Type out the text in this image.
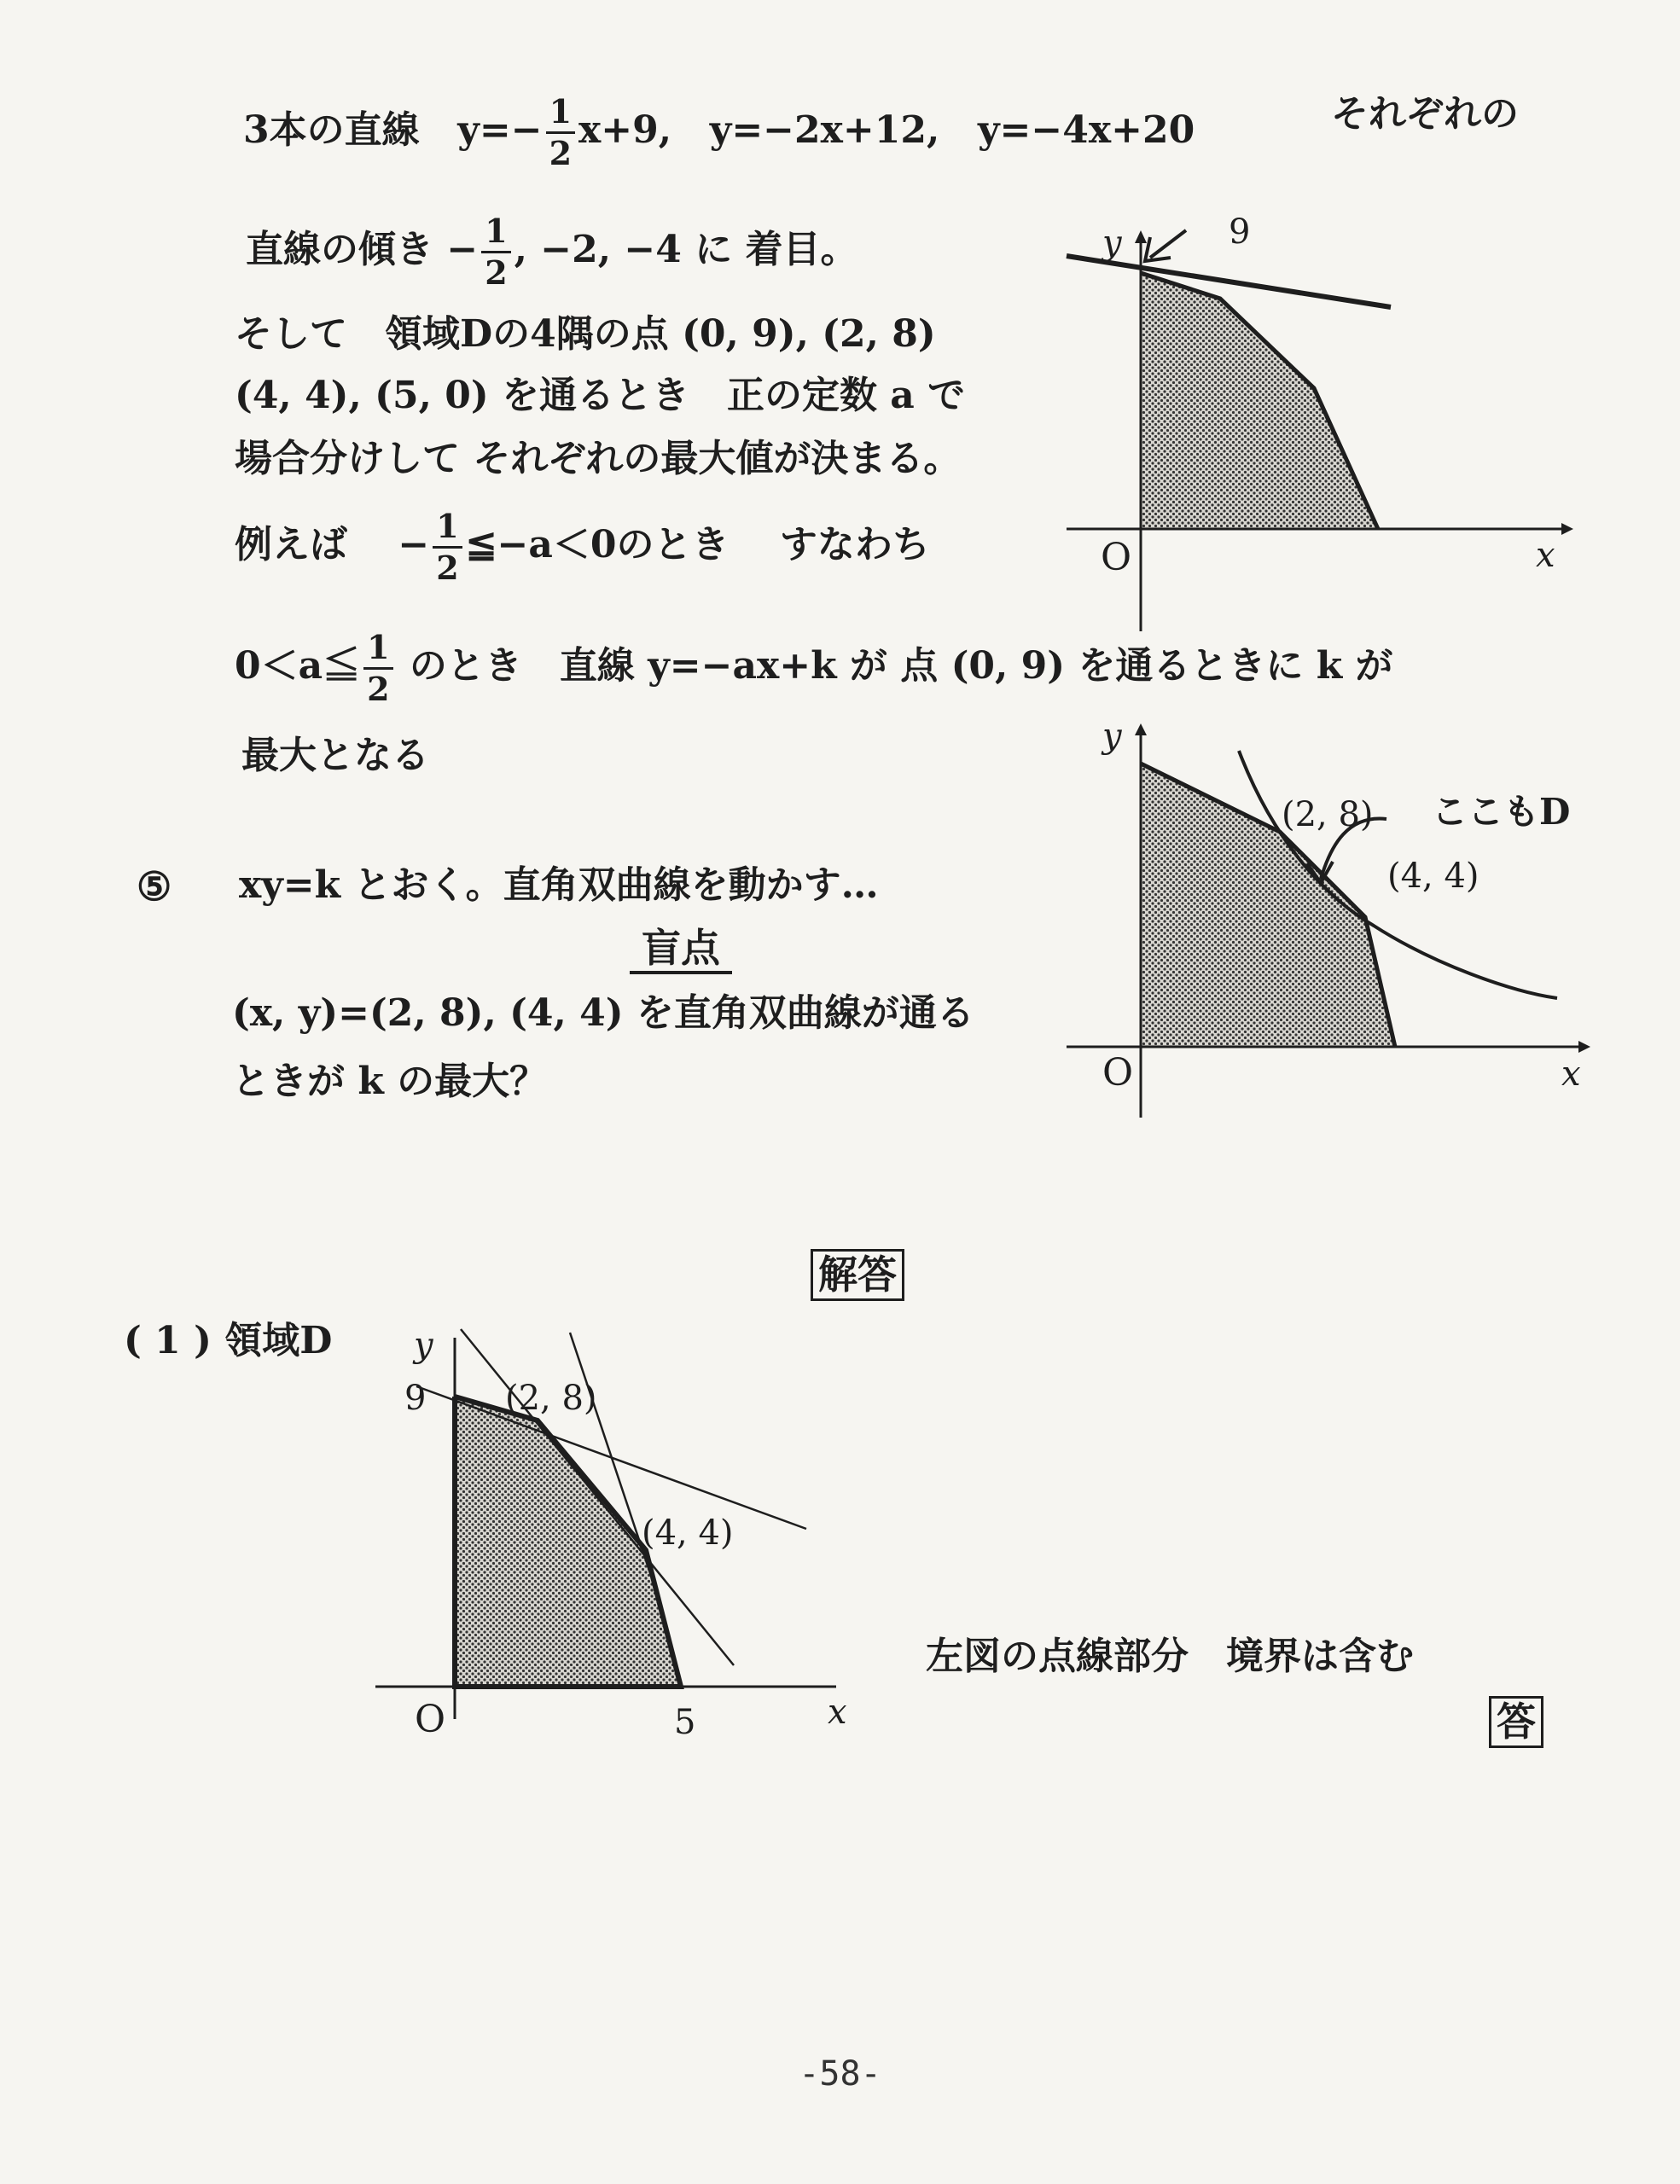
3本の直線 $y=- \frac{1}{2} x+9$, y=−2x+12, y=−4x+20	それぞれの
直線の傾き − $\frac{1}{2}$ , −2, −4 に 着目。
そして　領域Dの4隅の点 (0, 9), (2, 8)
(4, 4), (5, 0) を通るとき　正の定数 a で
場合分けして それぞれの最大値が決まる。
例えば　 − $\frac{1}{2}$ ≦−a＜0のとき　 すなわち
0＜a≦ $\frac{1}{2}$ のとき　直線 y=−ax+k が 点 (0, 9) を通るときに k が
最大となる
⑤ xy=k とおく。直角双曲線を動かす…
盲点
(x, y)=(2, 8), (4, 4) を直角双曲線が通る
ときが k の最大？
解答
( 1 ) 領域D
左図の点線部分　境界は含む
答
y	9
O	x
y
(2, 8) ここもD
(4, 4)
O	x
y
9 (2, 8)
(4, 4)
O	5	x
-58-
